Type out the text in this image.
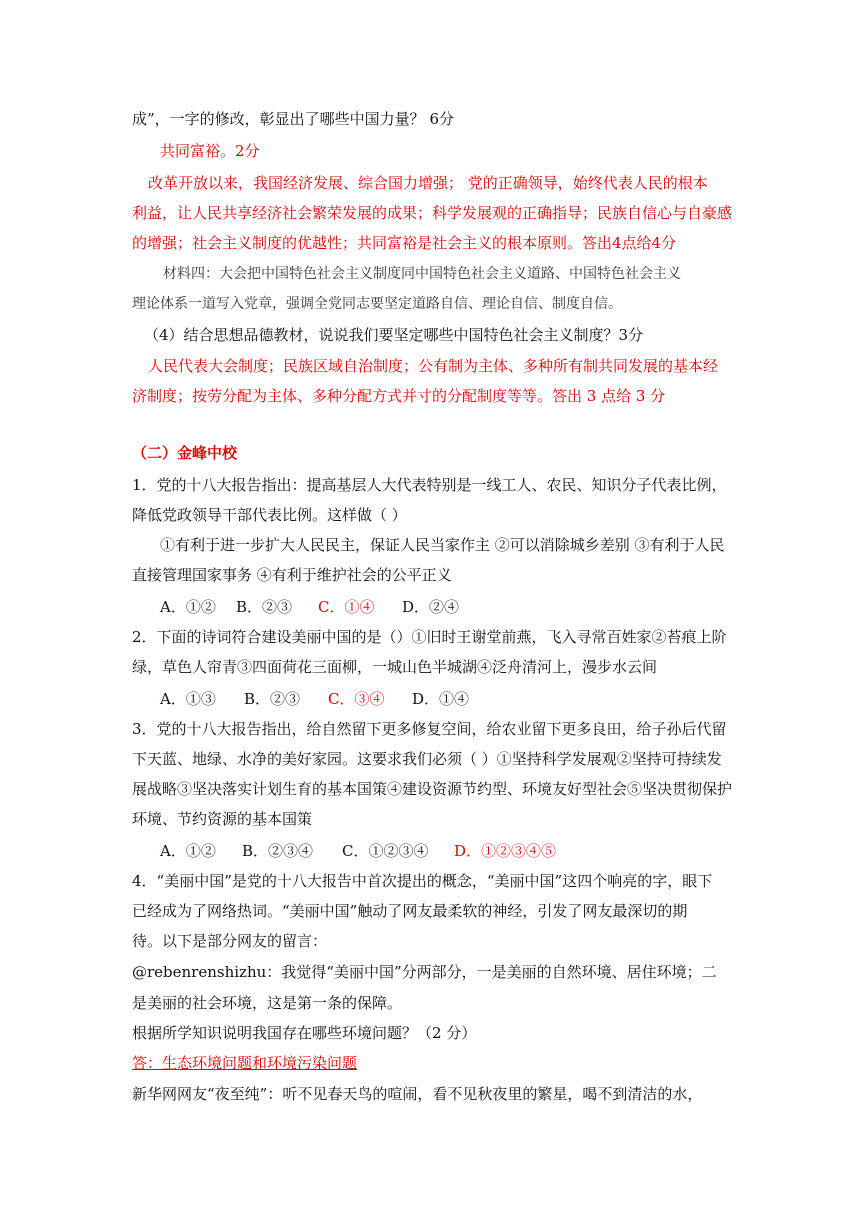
成”，一字的修改，彰显出了哪些中国力量？ 6分
共同富裕。2分
改革开放以来，我国经济发展、综合国力增强； 党的正确领导，始终代表人民的根本
利益，让人民共享经济社会繁荣发展的成果；科学发展观的正确指导；民族自信心与自豪感
的增强；社会主义制度的优越性；共同富裕是社会主义的根本原则。答出4点给4分
材料四：大会把中国特色社会主义制度同中国特色社会主义道路、中国特色社会主义
理论体系一道写入党章，强调全党同志要坚定道路自信、理论自信、制度自信。
（4）结合思想品德教材，说说我们要坚定哪些中国特色社会主义制度？3分
人民代表大会制度；民族区域自治制度；公有制为主体、多种所有制共同发展的基本经
济制度；按劳分配为主体、多种分配方式并寸的分配制度等等。答出 3 点给 3 分
（二）金峰中校
1．党的十八大报告指出：提高基层人大代表特别是一线工人、农民、知识分子代表比例，
降低党政领导干部代表比例。这样做（ ）
①有利于进一步扩大人民民主，保证人民当家作主 ②可以消除城乡差别 ③有利于人民
直接管理国家事务 ④有利于维护社会的公平正义
A．①② B．②③ C．①④ D．②④
2．下面的诗词符合建设美丽中国的是（）①旧时王谢堂前燕，飞入寻常百姓家②苔痕上阶
绿，草色人帘青③四面荷花三面柳，一城山色半城湖④泛舟清河上，漫步水云间
A．①③ B．②③ C．③④ D．①④
3．党的十八大报告指出，给自然留下更多修复空间，给农业留下更多良田，给子孙后代留
下天蓝、地绿、水净的美好家园。这要求我们必须（ ）①坚持科学发展观②坚持可持续发
展战略③坚决落实计划生育的基本国策④建设资源节约型、环境友好型社会⑤坚决贯彻保护
环境、节约资源的基本国策
A．①② B．②③④ C．①②③④ D．①②③④⑤
4．“美丽中国”是党的十八大报告中首次提出的概念，“美丽中国”这四个响亮的字，眼下
已经成为了网络热词。“美丽中国”触动了网友最柔软的神经，引发了网友最深切的期
待。以下是部分网友的留言：
@rebenrenshizhu：我觉得“美丽中国”分两部分，一是美丽的自然环境、居住环境；二
是美丽的社会环境，这是第一条的保障。
根据所学知识说明我国存在哪些环境问题？（2 分）
答：生态环境问题和环境污染问题
新华网网友“夜至纯”：听不见春天鸟的喧闹，看不见秋夜里的繁星，喝不到清洁的水，
